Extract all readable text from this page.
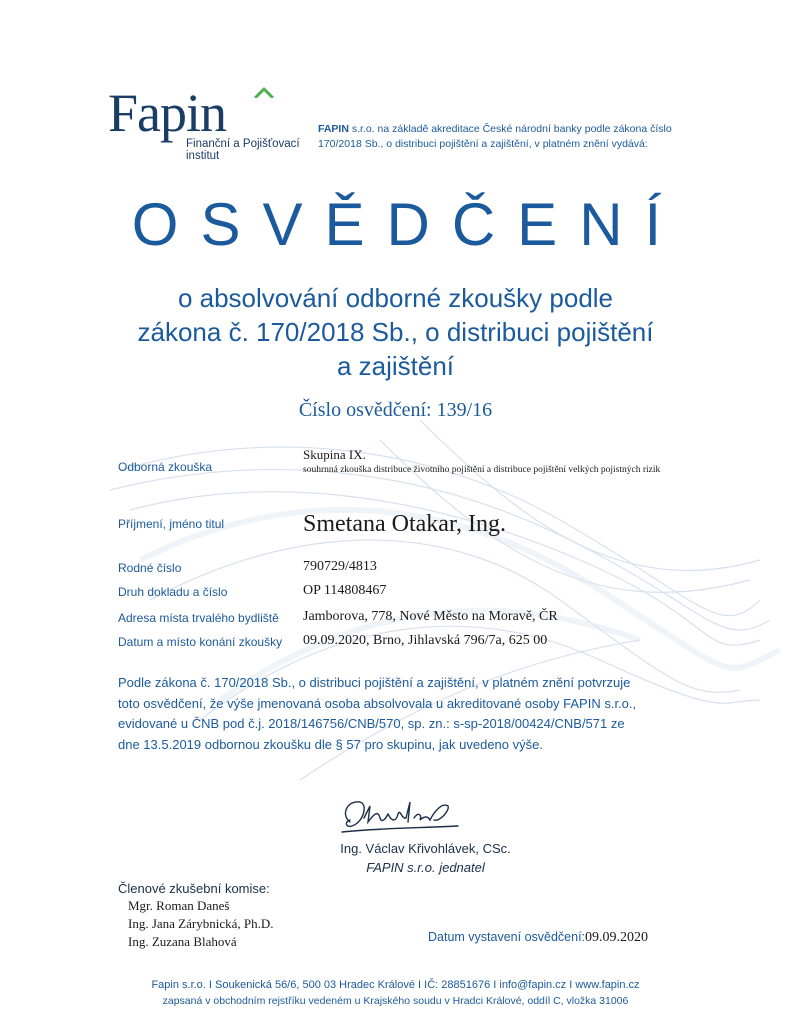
Fapin
Finanční a Pojišťovací
institut
FAPIN s.r.o. na základě akreditace České národní banky podle zákona číslo 170/2018 Sb., o distribuci pojištění a zajištění, v platném znění vydává:
OSVĚDČENÍ
o absolvování odborné zkoušky podle
zákona č. 170/2018 Sb., o distribuci pojištění
a zajištění
Číslo osvědčení: 139/16
Odborná zkouška
Skupina IX.
souhrnná zkouška distribuce životního pojištění a distribuce pojištění velkých pojistných rizik
Příjmení, jméno titul	Smetana Otakar, Ing.
Rodné číslo	790729/4813
Druh dokladu a číslo	OP 114808467
Adresa místa trvalého bydliště Jamborova, 778, Nové Město na Moravě, ČR
Datum a místo konání zkoušky 09.09.2020, Brno, Jihlavská 796/7a, 625 00
Podle zákona č. 170/2018 Sb., o distribuci pojištění a zajištění, v platném znění potvrzuje
toto osvědčení, že výše jmenovaná osoba absolvovala u akreditované osoby FAPIN s.r.o.,
evidované u ČNB pod č.j. 2018/146756/CNB/570, sp. zn.: s-sp-2018/00424/CNB/571 ze
dne 13.5.2019 odbornou zkoušku dle § 57 pro skupinu, jak uvedeno výše.
Ing. Václav Křivohlávek, CSc.
FAPIN s.r.o. jednatel
Členové zkušební komise:
Mgr. Roman Daneš
Ing. Jana Zárybnická, Ph.D.
Ing. Zuzana Blahová	Datum vystavení osvědčení:09.09.2020
Fapin s.r.o. I Soukenická 56/6, 500 03 Hradec Králové I IČ: 28851676 I info@fapin.cz I www.fapin.cz
zapsaná v obchodním rejstříku vedeném u Krajského soudu v Hradci Králové, oddíl C, vložka 31006
